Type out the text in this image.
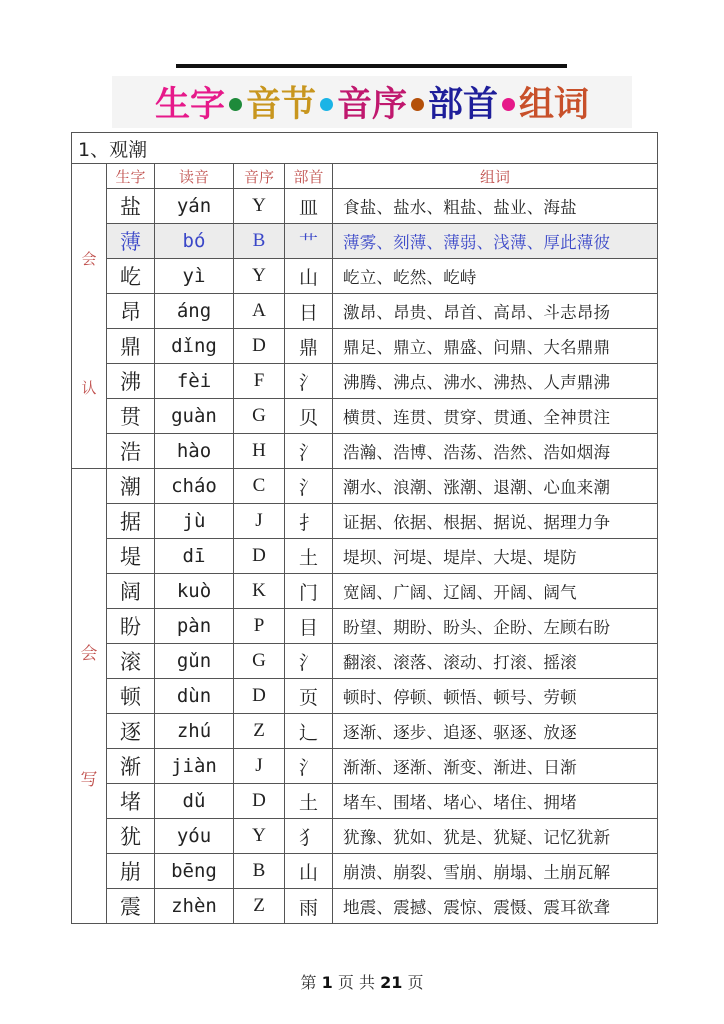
生字 音节 音序 部首 组词
1、观潮					

会
认	生字	读音	音序	部首	组词
	盐	yán	Y	皿	食盐、盐水、粗盐、盐业、海盐
	薄	bó	B	艹	薄雾、刻薄、薄弱、浅薄、厚此薄彼
	屹	yì	Y	山	屹立、屹然、屹峙
	昂	áng	A	日	激昂、昂贵、昂首、高昂、斗志昂扬
	鼎	dǐng	D	鼎	鼎足、鼎立、鼎盛、问鼎、大名鼎鼎
	沸	fèi	F	氵	沸腾、沸点、沸水、沸热、人声鼎沸
	贯	guàn	G	贝	横贯、连贯、贯穿、贯通、全神贯注
	浩	hào	H	氵	浩瀚、浩博、浩荡、浩然、浩如烟海

会
写	潮	cháo	C	氵	潮水、浪潮、涨潮、退潮、心血来潮
	据	jù	J	扌	证据、依据、根据、据说、据理力争
	堤	dī	D	土	堤坝、河堤、堤岸、大堤、堤防
	阔	kuò	K	门	宽阔、广阔、辽阔、开阔、阔气
	盼	pàn	P	目	盼望、期盼、盼头、企盼、左顾右盼
	滚	gǔn	G	氵	翻滚、滚落、滚动、打滚、摇滚
	顿	dùn	D	页	顿时、停顿、顿悟、顿号、劳顿
	逐	zhú	Z	辶	逐渐、逐步、追逐、驱逐、放逐
	渐	jiàn	J	氵	渐渐、逐渐、渐变、渐进、日渐
	堵	dǔ	D	土	堵车、围堵、堵心、堵住、拥堵
	犹	yóu	Y	犭	犹豫、犹如、犹是、犹疑、记忆犹新
	崩	bēng	B	山	崩溃、崩裂、雪崩、崩塌、土崩瓦解
	震	zhèn	Z	雨	地震、震撼、震惊、震慑、震耳欲聋
第 1 页 共 21 页
